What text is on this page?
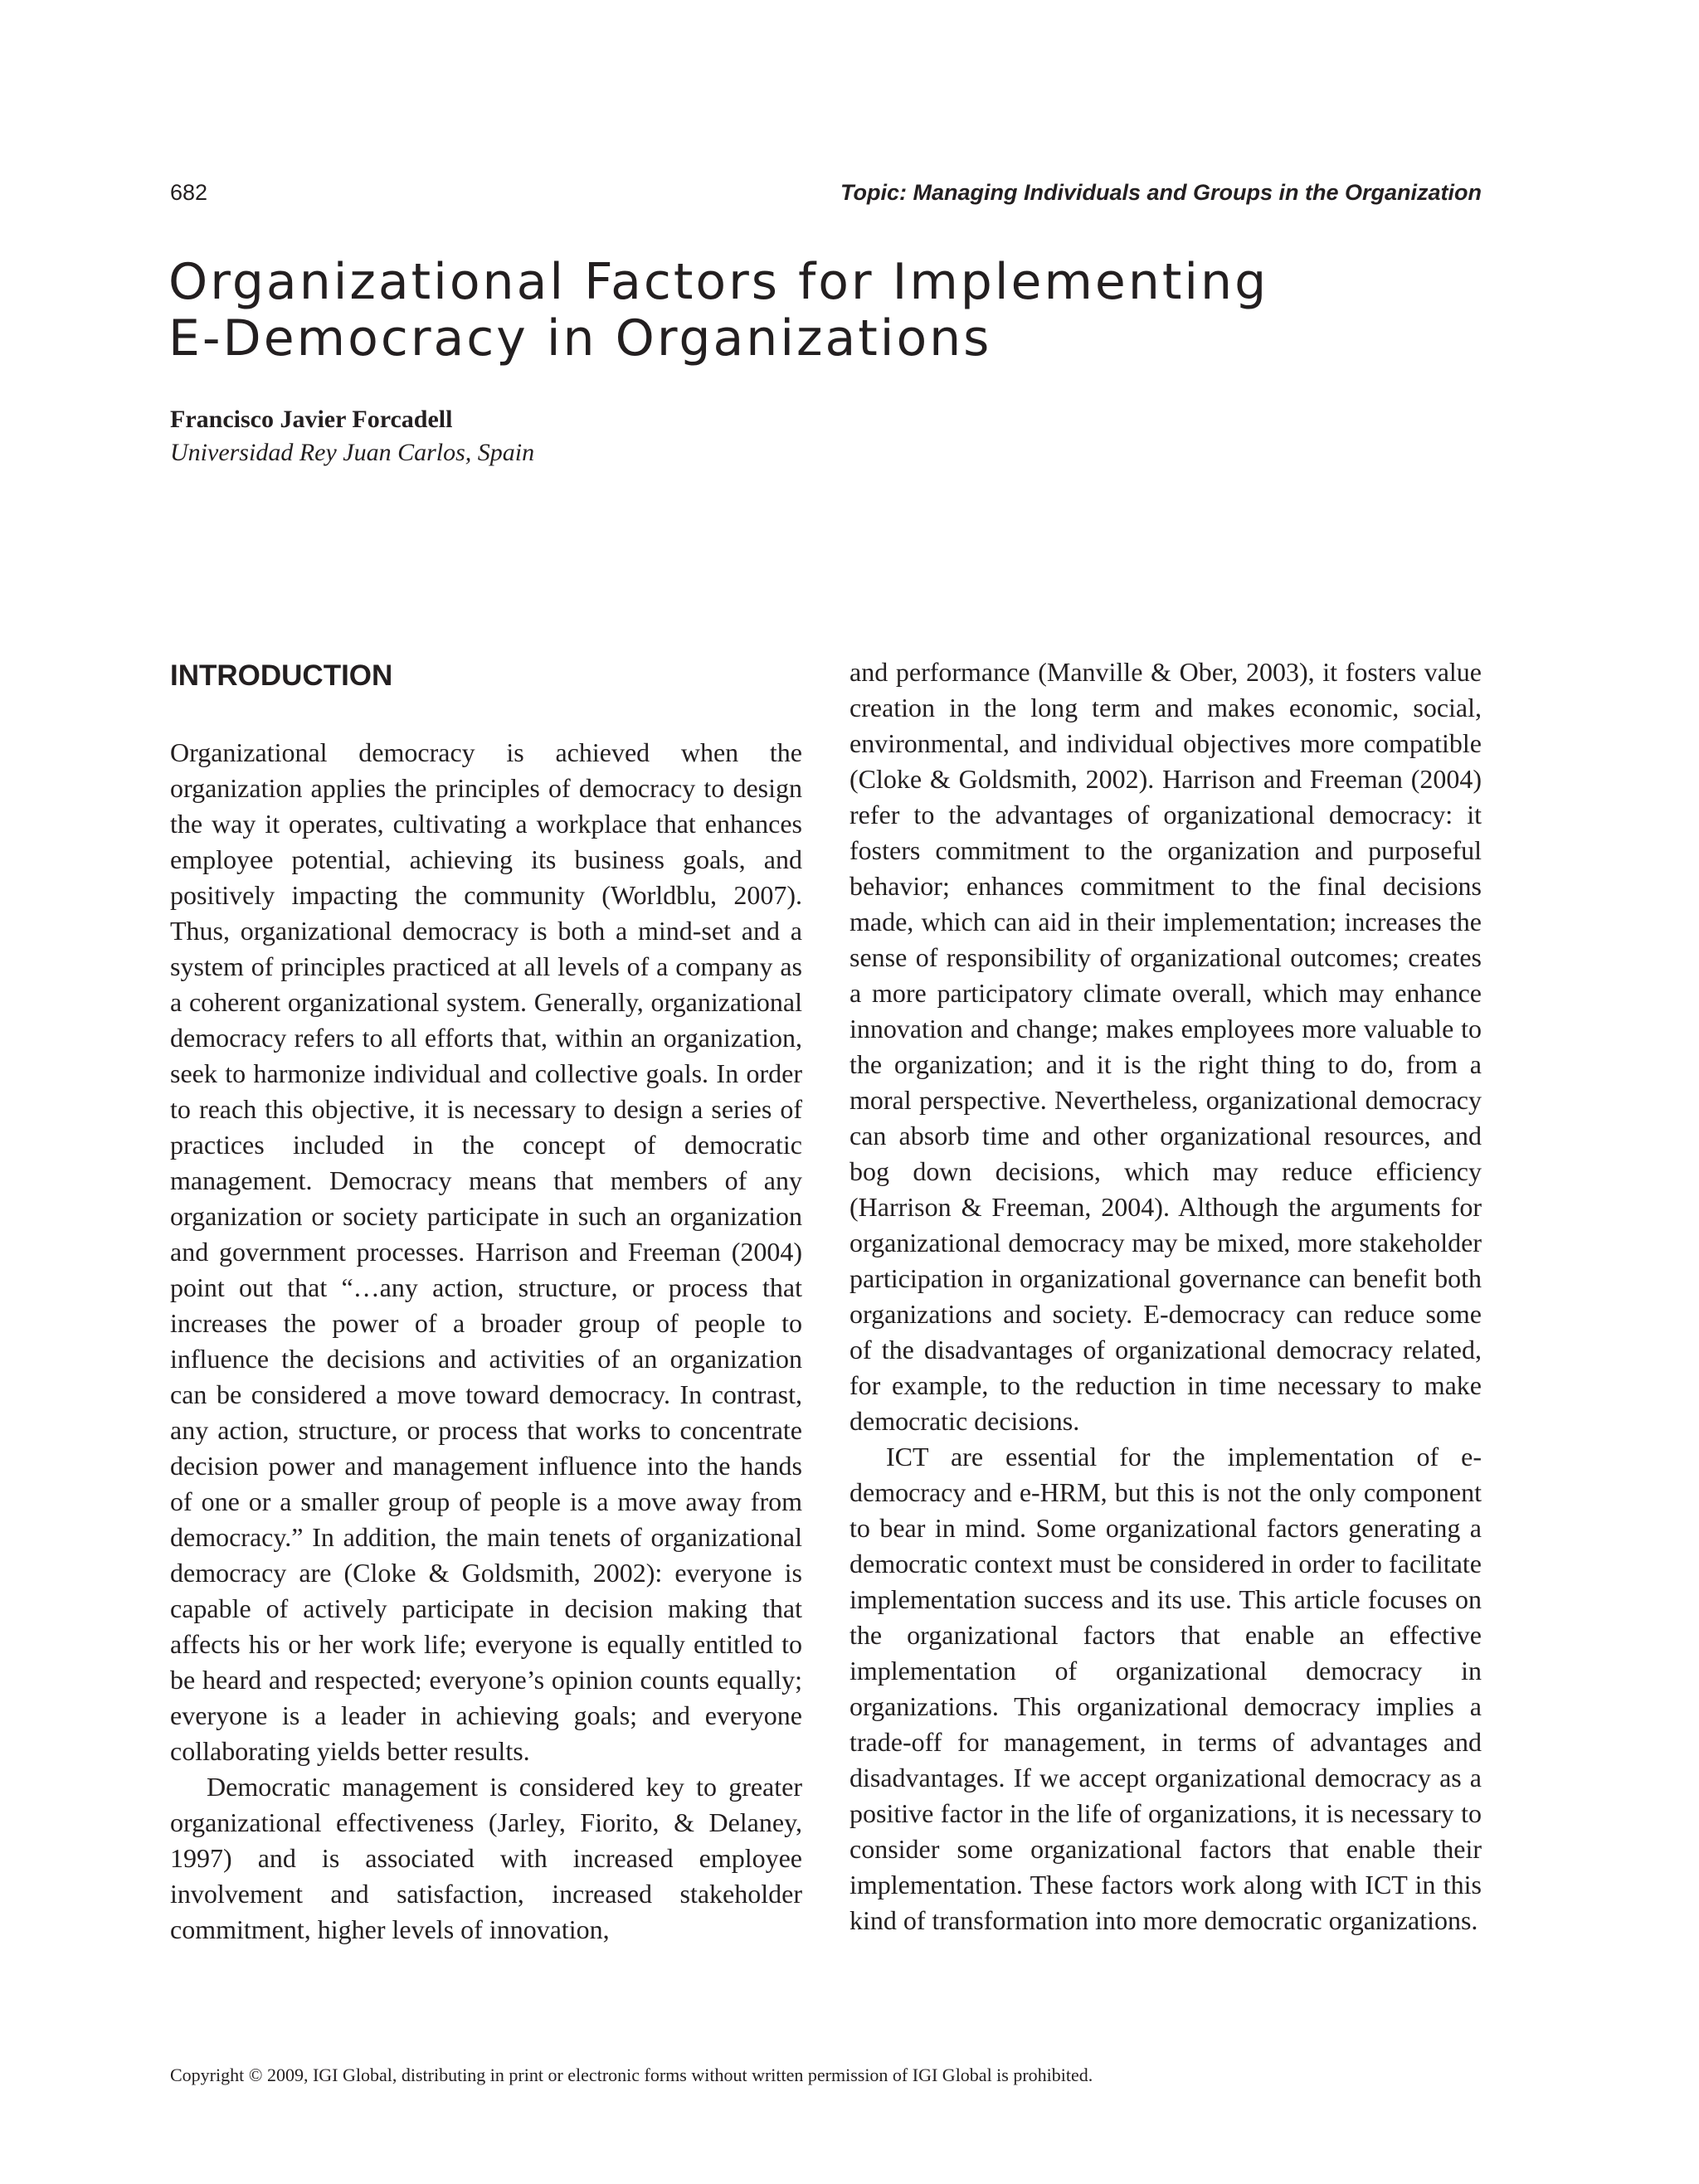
682	Topic: Managing Individuals and Groups in the Organization
Organizational Factors for Implementing
E-Democracy in Organizations
Francisco Javier Forcadell
Universidad Rey Juan Carlos, Spain
INTRODUCTION

Organizational democracy is achieved when the organization applies the principles of democracy to design the way it operates, cultivating a workplace that enhances employee potential, achieving its business goals, and positively impacting the community (Worldblu, 2007). Thus, organizational democracy is both a mind-set and a system of principles practiced at all levels of a company as a coherent organizational system. Generally, organizational democracy refers to all efforts that, within an organization, seek to harmonize individual and collective goals. In order to reach this objective, it is necessary to design a series of practices included in the concept of democratic management. Democracy means that members of any organization or society participate in such an organization and government processes. Harrison and Freeman (2004) point out that “…any action, structure, or process that increases the power of a broader group of people to influence the decisions and activities of an organization can be considered a move toward democracy. In contrast, any action, structure, or process that works to concentrate decision power and management influence into the hands of one or a smaller group of people is a move away from democracy.” In addition, the main tenets of organizational democracy are (Cloke & Goldsmith, 2002): everyone is capable of actively participate in decision making that affects his or her work life; everyone is equally entitled to be heard and respected; everyone’s opinion counts equally; everyone is a leader in achieving goals; and everyone collaborating yields better results.

Democratic management is considered key to greater organizational effectiveness (Jarley, Fiorito, & Delaney, 1997) and is associated with increased employee involvement and satisfaction, increased stakeholder commitment, higher levels of innovation,

and performance (Manville & Ober, 2003), it fosters value creation in the long term and makes economic, social, environmental, and individual objectives more compatible (Cloke & Goldsmith, 2002). Harrison and Freeman (2004) refer to the advantages of organizational democracy: it fosters commitment to the organization and purposeful behavior; enhances commitment to the final decisions made, which can aid in their implementation; increases the sense of responsibility of organizational outcomes; creates a more participatory climate overall, which may enhance innovation and change; makes employees more valuable to the organization; and it is the right thing to do, from a moral perspective. Nevertheless, organizational democracy can absorb time and other organizational resources, and bog down decisions, which may reduce efficiency (Harrison & Freeman, 2004). Although the arguments for organizational democracy may be mixed, more stakeholder participation in organizational governance can benefit both organizations and society. E-democracy can reduce some of the disadvantages of organizational democracy related, for example, to the reduction in time necessary to make democratic decisions.

ICT are essential for the implementation of e-democracy and e-HRM, but this is not the only component to bear in mind. Some organizational factors generating a democratic context must be considered in order to facilitate implementation success and its use. This article focuses on the organizational factors that enable an effective implementation of organizational democracy in organizations. This organizational democracy implies a trade-off for management, in terms of advantages and disadvantages. If we accept organizational democracy as a positive factor in the life of organizations, it is necessary to consider some organizational factors that enable their implementation. These factors work along with ICT in this kind of transformation into more democratic organizations.

Copyright © 2009, IGI Global, distributing in print or electronic forms without written permission of IGI Global is prohibited.
